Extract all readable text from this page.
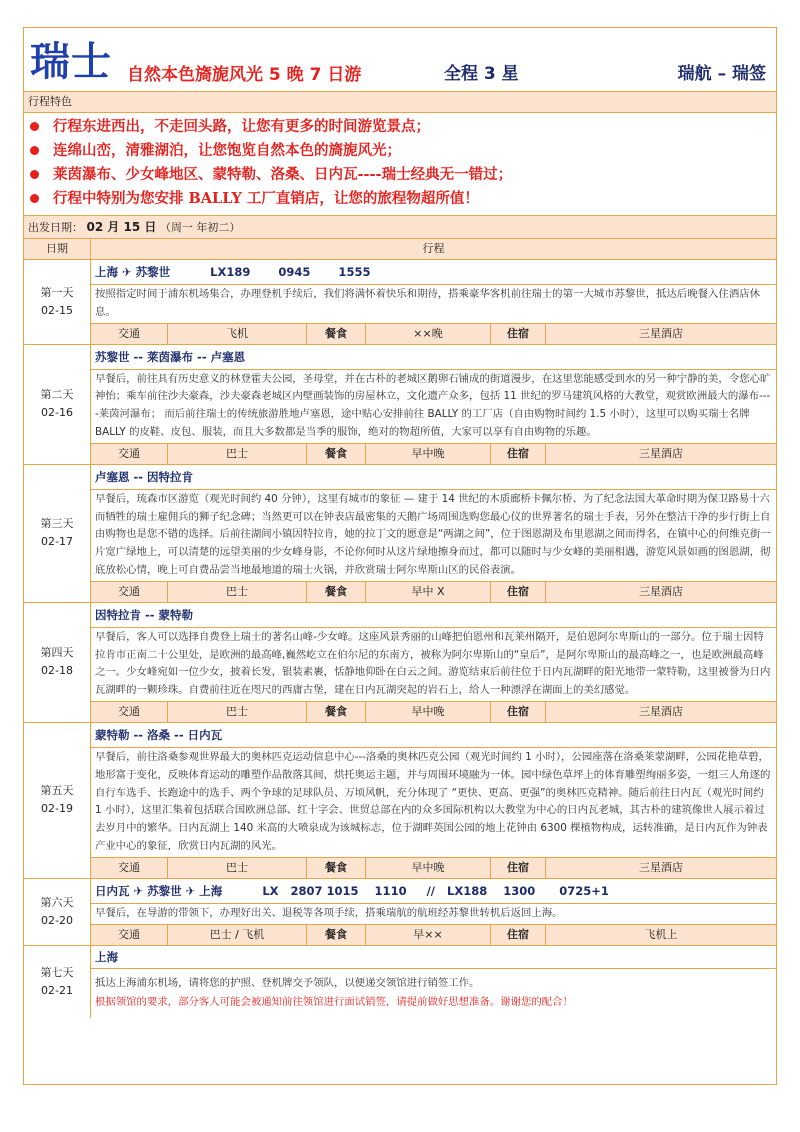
瑞士 自然本色旖旎风光 5 晚 7 日游	全程 3 星	瑞航 – 瑞签
行程特色
行程东进西出，不走回头路，让您有更多的时间游览景点；
连绵山峦，清雅湖泊，让您饱览自然本色的旖旎风光；
莱茵瀑布、少女峰地区、蒙特勒、洛桑、日内瓦----瑞士经典无一错过；
行程中特别为您安排 BALLY 工厂直销店，让您的旅程物超所值！
出发日期： 02 月 15 日 （周一 年初二）
日期	行程
第一天
02-15
上海 ✈ 苏黎世          LX189       0945       1555
按照指定时间于浦东机场集合，办理登机手续后，我们将满怀着快乐和期待，搭乘豪华客机前往瑞士的第一大城市苏黎世，抵达后晚餐入住酒店休息。
交通	飞机	餐食	××晚	住宿	三星酒店
第二天
02-16
苏黎世 -- 莱茵瀑布 -- 卢塞恩
早餐后，前往具有历史意义的林登霍夫公园，圣母堂，并在古朴的老城区鹅卵石铺成的街道漫步，在这里您能感受到水的另一种宁静的美，令您心旷神怡；乘车前往沙夫豪森，沙夫豪森老城区内壁画装饰的房屋林立，文化遗产众多，包括 11 世纪的罗马建筑风格的大教堂，观赏欧洲最大的瀑布----莱茵河瀑布； 而后前往瑞士的传统旅游胜地卢塞恩，途中贴心安排前往 BALLY 的工厂店（自由购物时间约 1.5 小时），这里可以购买瑞士名牌 BALLY 的皮鞋、皮包、服装，而且大多数都是当季的服饰，绝对的物超所值，大家可以享有自由购物的乐趣。
交通	巴士	餐食	早中晚	住宿	三星酒店
第三天
02-17
卢塞恩 -- 因特拉肯
早餐后，琉森市区游览（观光时间约 40 分钟），这里有城市的象征 — 建于 14 世纪的木质廊桥卡佩尔桥、为了纪念法国大革命时期为保卫路易十六而牺牲的瑞士雇佣兵的狮子纪念碑；当然更可以在钟表店最密集的天鹅广场周围选购您最心仪的世界著名的瑞士手表，另外在整洁干净的步行街上自由购物也是您不错的选择。后前往湖间小镇因特拉肯，她的拉丁文的愿意是“两湖之间”，位于图恩湖及布里恩湖之间而得名，在镇中心的何维克街一片宽广绿地上，可以清楚的远望美丽的少女峰身影，不论你何时从这片绿地擦身而过，都可以随时与少女峰的美丽相遇，游览风景如画的图恩湖，彻底放松心情，晚上可自费品尝当地最地道的瑞士火锅，并欣赏瑞士阿尔卑斯山区的民俗表演。
交通	巴士	餐食	早中 X	住宿	三星酒店
第四天
02-18
因特拉肯 -- 蒙特勒
早餐后，客人可以选择自费登上瑞士的著名山峰-少女峰。这座风景秀丽的山峰把伯恩州和瓦莱州隔开，是伯恩阿尔卑斯山的一部分。位于瑞士因特拉肯市正南二十公里处，是欧洲的最高峰,巍然屹立在伯尔尼的东南方，被称为阿尔卑斯山的“皇后”，是阿尔卑斯山的最高峰之一，也是欧洲最高峰之一。少女峰宛如一位少女，披着长发，银装素裹，恬静地仰卧在白云之间。游览结束后前往位于日内瓦湖畔的阳光地带一蒙特勒，这里被誉为日内瓦湖畔的一颗珍珠。自费前往近在咫尺的西庸古堡，建在日内瓦湖突起的岩石上，给人一种漂浮在湖面上的美幻感觉。
交通	巴士	餐食	早中晚	住宿	三星酒店
第五天
02-19
蒙特勒 -- 洛桑 -- 日内瓦
早餐后，前往洛桑参观世界最大的奥林匹克运动信息中心---洛桑的奥林匹克公园（观光时间约 1 小时），公园座落在洛桑莱蒙湖畔，公园花艳草碧，地形富于变化，反映体育运动的雕塑作品散落其间，烘托奥运主题，并与周围环境融为一体。园中绿色草坪上的体育雕塑绚丽多姿，一组三人角逐的自行车选手、长跑途中的选手、两个争球的足球队员、万顷风帆，充分体现了 “更快、更高、更强”的奥林匹克精神。随后前往日内瓦（观光时间约 1 小时），这里汇集着包括联合国欧洲总部、红十字会、世贸总部在内的众多国际机构以大教堂为中心的日内瓦老城，其古朴的建筑像世人展示着过去岁月中的繁华。日内瓦湖上 140 米高的大喷泉成为该城标志，位于湖畔英国公园的地上花钟由 6300 棵植物构成，运转准确，是日内瓦作为钟表产业中心的象征，欣赏日内瓦湖的风光。
交通	巴士	餐食	早中晚	住宿	三星酒店
第六天
02-20
日内瓦 ✈ 苏黎世 ✈ 上海          LX   2807 1015    1110     //   LX188    1300      0725+1
早餐后，在导游的带领下，办理好出关、退税等各项手续，搭乘瑞航的航班经苏黎世转机后返回上海。
交通	巴士 / 飞机	餐食	早××	住宿	飞机上
第七天
02-21
上海
抵达上海浦东机场，请将您的护照、登机牌交予领队，以便递交领馆进行销签工作。
根据领馆的要求，部分客人可能会被通知前往领馆进行面试销签，请提前做好思想准备。谢谢您的配合！
